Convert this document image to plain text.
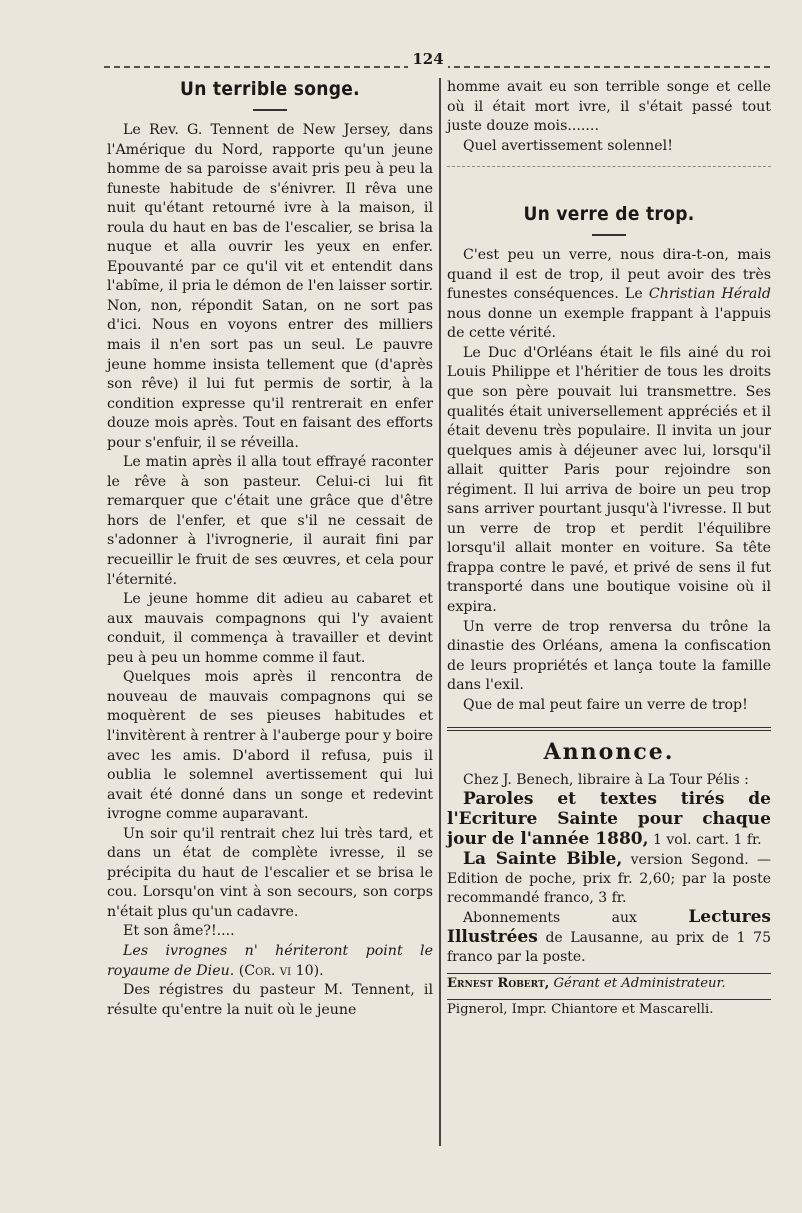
124
Un terrible songe.

Le Rev. G. Tennent de New Jersey, dans l'Amérique du Nord, rapporte qu'un jeune homme de sa paroisse avait pris peu à peu la funeste habitude de s'énivrer. Il rêva une nuit qu'étant retourné ivre à la maison, il roula du haut en bas de l'escalier, se brisa la nuque et alla ouvrir les yeux en enfer. Epouvanté par ce qu'il vit et entendit dans l'abîme, il pria le démon de l'en laisser sortir. Non, non, répondit Satan, on ne sort pas d'ici. Nous en voyons entrer des milliers mais il n'en sort pas un seul. Le pauvre jeune homme insista tellement que (d'après son rêve) il lui fut permis de sortir, à la condition expresse qu'il rentrerait en enfer douze mois après. Tout en faisant des efforts pour s'enfuir, il se réveilla.

Le matin après il alla tout effrayé raconter le rêve à son pasteur. Celui-ci lui fit remarquer que c'était une grâce que d'être hors de l'enfer, et que s'il ne cessait de s'adonner à l'ivrognerie, il aurait fini par recueillir le fruit de ses œuvres, et cela pour l'éternité.

Le jeune homme dit adieu au cabaret et aux mauvais compagnons qui l'y avaient conduit, il commença à travailler et devint peu à peu un homme comme il faut.

Quelques mois après il rencontra de nouveau de mauvais compagnons qui se moquèrent de ses pieuses habitudes et l'invitèrent à rentrer à l'auberge pour y boire avec les amis. D'abord il refusa, puis il oublia le solemnel avertissement qui lui avait été donné dans un songe et redevint ivrogne comme auparavant.

Un soir qu'il rentrait chez lui très tard, et dans un état de complète ivresse, il se précipita du haut de l'escalier et se brisa le cou. Lorsqu'on vint à son secours, son corps n'était plus qu'un cadavre.

Et son âme?!....

Les ivrognes n' hériteront point le royaume de Dieu. (Cor. vi 10).

Des régistres du pasteur M. Tennent, il résulte qu'entre la nuit où le jeune

homme avait eu son terrible songe et celle où il était mort ivre, il s'était passé tout juste douze mois.......

Quel avertissement solennel!

Un verre de trop.

C'est peu un verre, nous dira-t-on, mais quand il est de trop, il peut avoir des très funestes conséquences. Le Christian Hérald nous donne un exemple frappant à l'appuis de cette vérité.

Le Duc d'Orléans était le fils ainé du roi Louis Philippe et l'héritier de tous les droits que son père pouvait lui transmettre. Ses qualités était universellement appréciés et il était devenu très populaire. Il invita un jour quelques amis à déjeuner avec lui, lorsqu'il allait quitter Paris pour rejoindre son régiment. Il lui arriva de boire un peu trop sans arriver pourtant jusqu'à l'ivresse. Il but un verre de trop et perdit l'équilibre lorsqu'il allait monter en voiture. Sa tête frappa contre le pavé, et privé de sens il fut transporté dans une boutique voisine où il expira.

Un verre de trop renversa du trône la dinastie des Orléans, amena la confiscation de leurs propriétés et lança toute la famille dans l'exil.

Que de mal peut faire un verre de trop!

Annonce.

Chez J. Benech, libraire à La Tour Pélis :

Paroles et textes tirés de l'Ecriture Sainte pour chaque jour de l'année 1880, 1 vol. cart. 1 fr.

La Sainte Bible, version Segond. — Edition de poche, prix fr. 2,60; par la poste recommandé franco, 3 fr.

Abonnements aux Lectures Illustrées de Lausanne, au prix de 1 75 franco par la poste.

Ernest Robert, Gérant et Administrateur.

Pignerol, Impr. Chiantore et Mascarelli.
